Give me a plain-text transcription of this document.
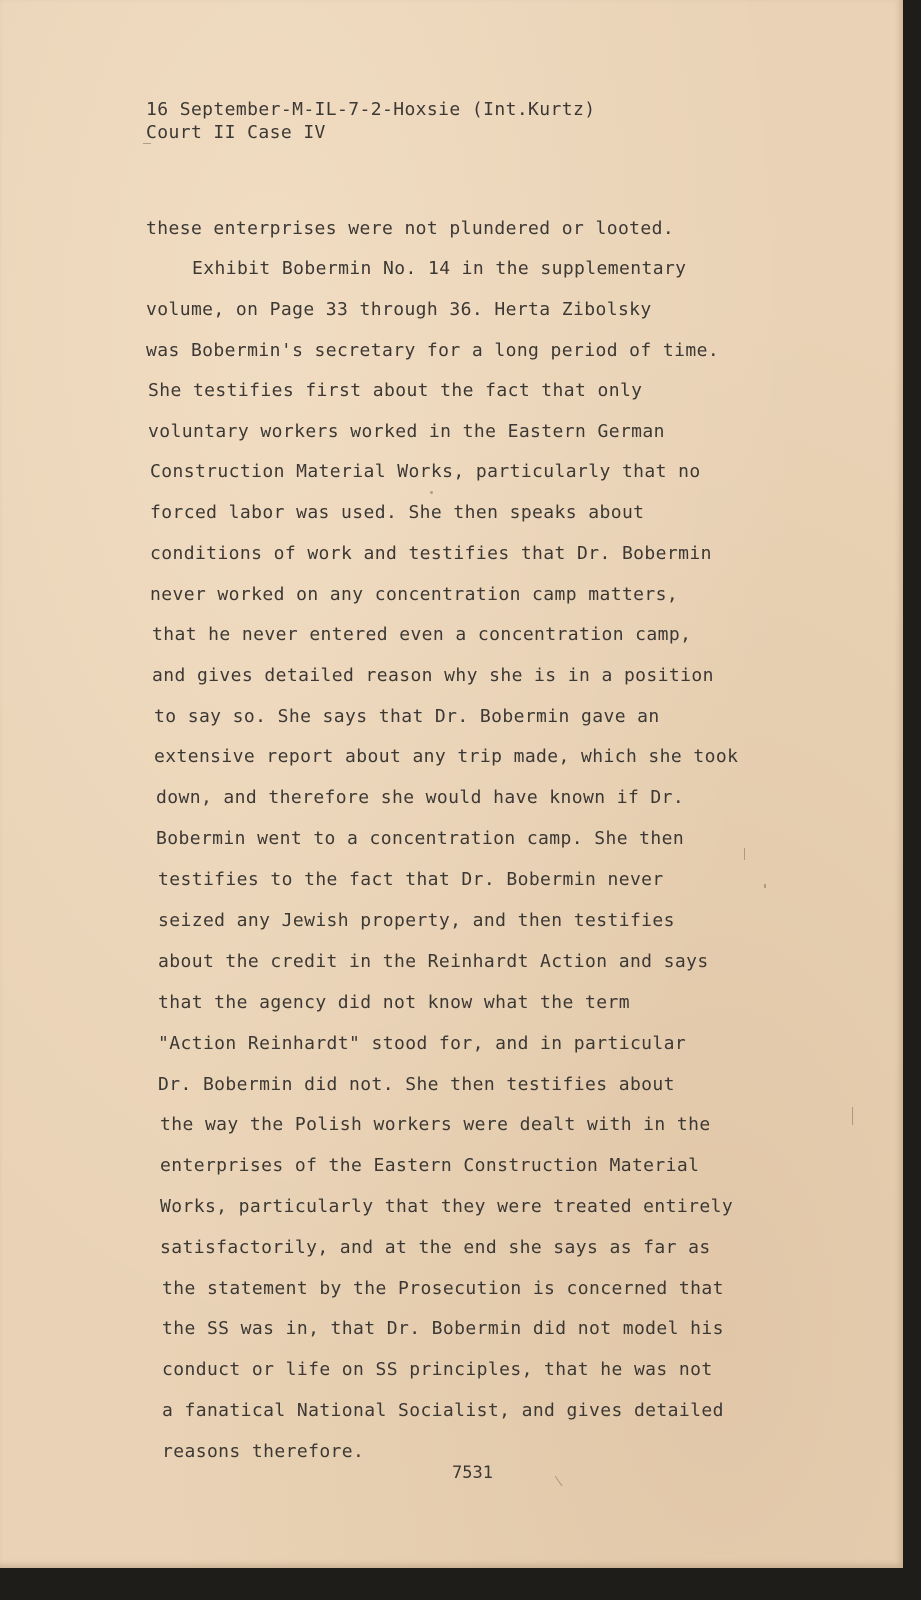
16 September-M-IL-7-2-Hoxsie (Int.Kurtz)
Court II Case IV
these enterprises were not plundered or looted.
Exhibit Bobermin No. 14 in the supplementary
volume, on Page 33 through 36. Herta Zibolsky
was Bobermin's secretary for a long period of time.
She testifies first about the fact that only
voluntary workers worked in the Eastern German
Construction Material Works, particularly that no
forced labor was used. She then speaks about
conditions of work and testifies that Dr. Bobermin
never worked on any concentration camp matters,
that he never entered even a concentration camp,
and gives detailed reason why she is in a position
to say so. She says that Dr. Bobermin gave an
extensive report about any trip made, which she took
down, and therefore she would have known if Dr.
Bobermin went to a concentration camp. She then
testifies to the fact that Dr. Bobermin never
seized any Jewish property, and then testifies
about the credit in the Reinhardt Action and says
that the agency did not know what the term
"Action Reinhardt" stood for, and in particular
Dr. Bobermin did not. She then testifies about
the way the Polish workers were dealt with in the
enterprises of the Eastern Construction Material
Works, particularly that they were treated entirely
satisfactorily, and at the end she says as far as
the statement by the Prosecution is concerned that
the SS was in, that Dr. Bobermin did not model his
conduct or life on SS principles, that he was not
a fanatical National Socialist, and gives detailed
reasons therefore.
7531
